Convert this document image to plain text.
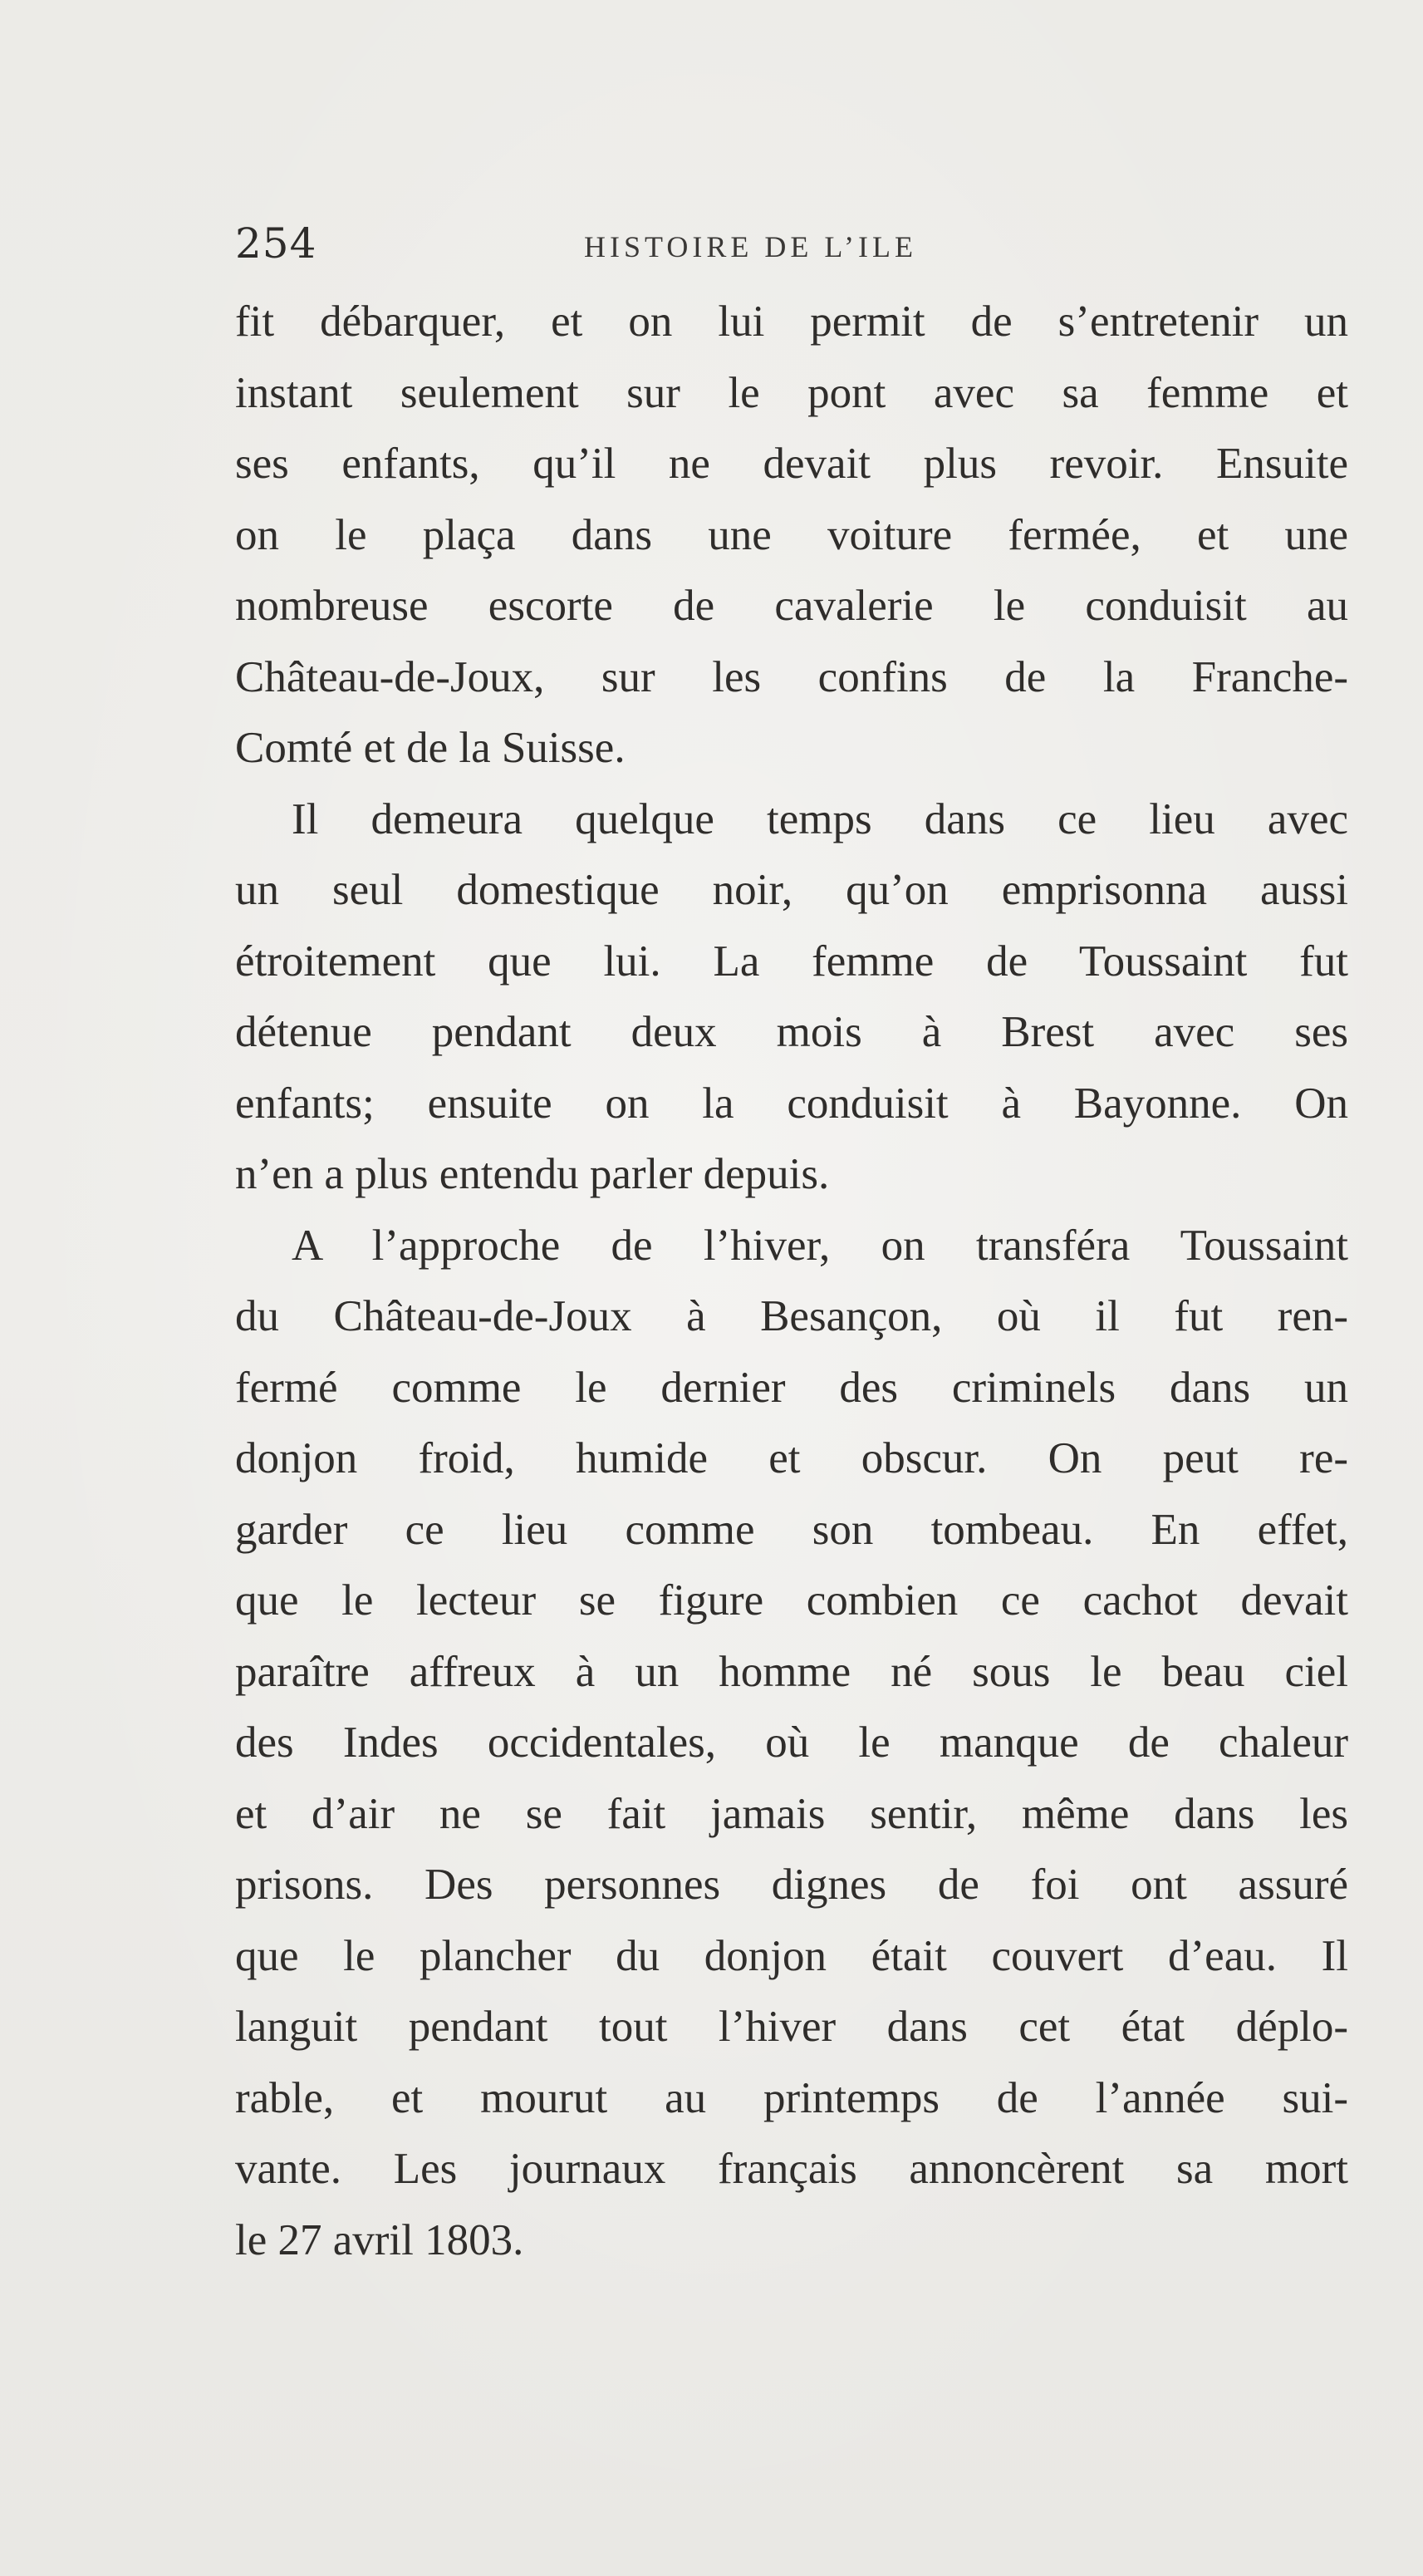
254	HISTOIRE DE L’ILE
fit débarquer, et on lui permit de s’entretenir un
instant seulement sur le pont avec sa femme et
ses enfants, qu’il ne devait plus revoir. Ensuite
on le plaça dans une voiture fermée, et une
nombreuse escorte de cavalerie le conduisit au
Château-de-Joux, sur les confins de la Franche-
Comté et de la Suisse.
Il demeura quelque temps dans ce lieu avec
un seul domestique noir, qu’on emprisonna aussi
étroitement que lui. La femme de Toussaint fut
détenue pendant deux mois à Brest avec ses
enfants; ensuite on la conduisit à Bayonne. On
n’en a plus entendu parler depuis.
A l’approche de l’hiver, on transféra Toussaint
du Château-de-Joux à Besançon, où il fut ren-
fermé comme le dernier des criminels dans un
donjon froid, humide et obscur. On peut re-
garder ce lieu comme son tombeau. En effet,
que le lecteur se figure combien ce cachot devait
paraître affreux à un homme né sous le beau ciel
des Indes occidentales, où le manque de chaleur
et d’air ne se fait jamais sentir, même dans les
prisons. Des personnes dignes de foi ont assuré
que le plancher du donjon était couvert d’eau. Il
languit pendant tout l’hiver dans cet état déplo-
rable, et mourut au printemps de l’année sui-
vante. Les journaux français annoncèrent sa mort
le 27 avril 1803.
